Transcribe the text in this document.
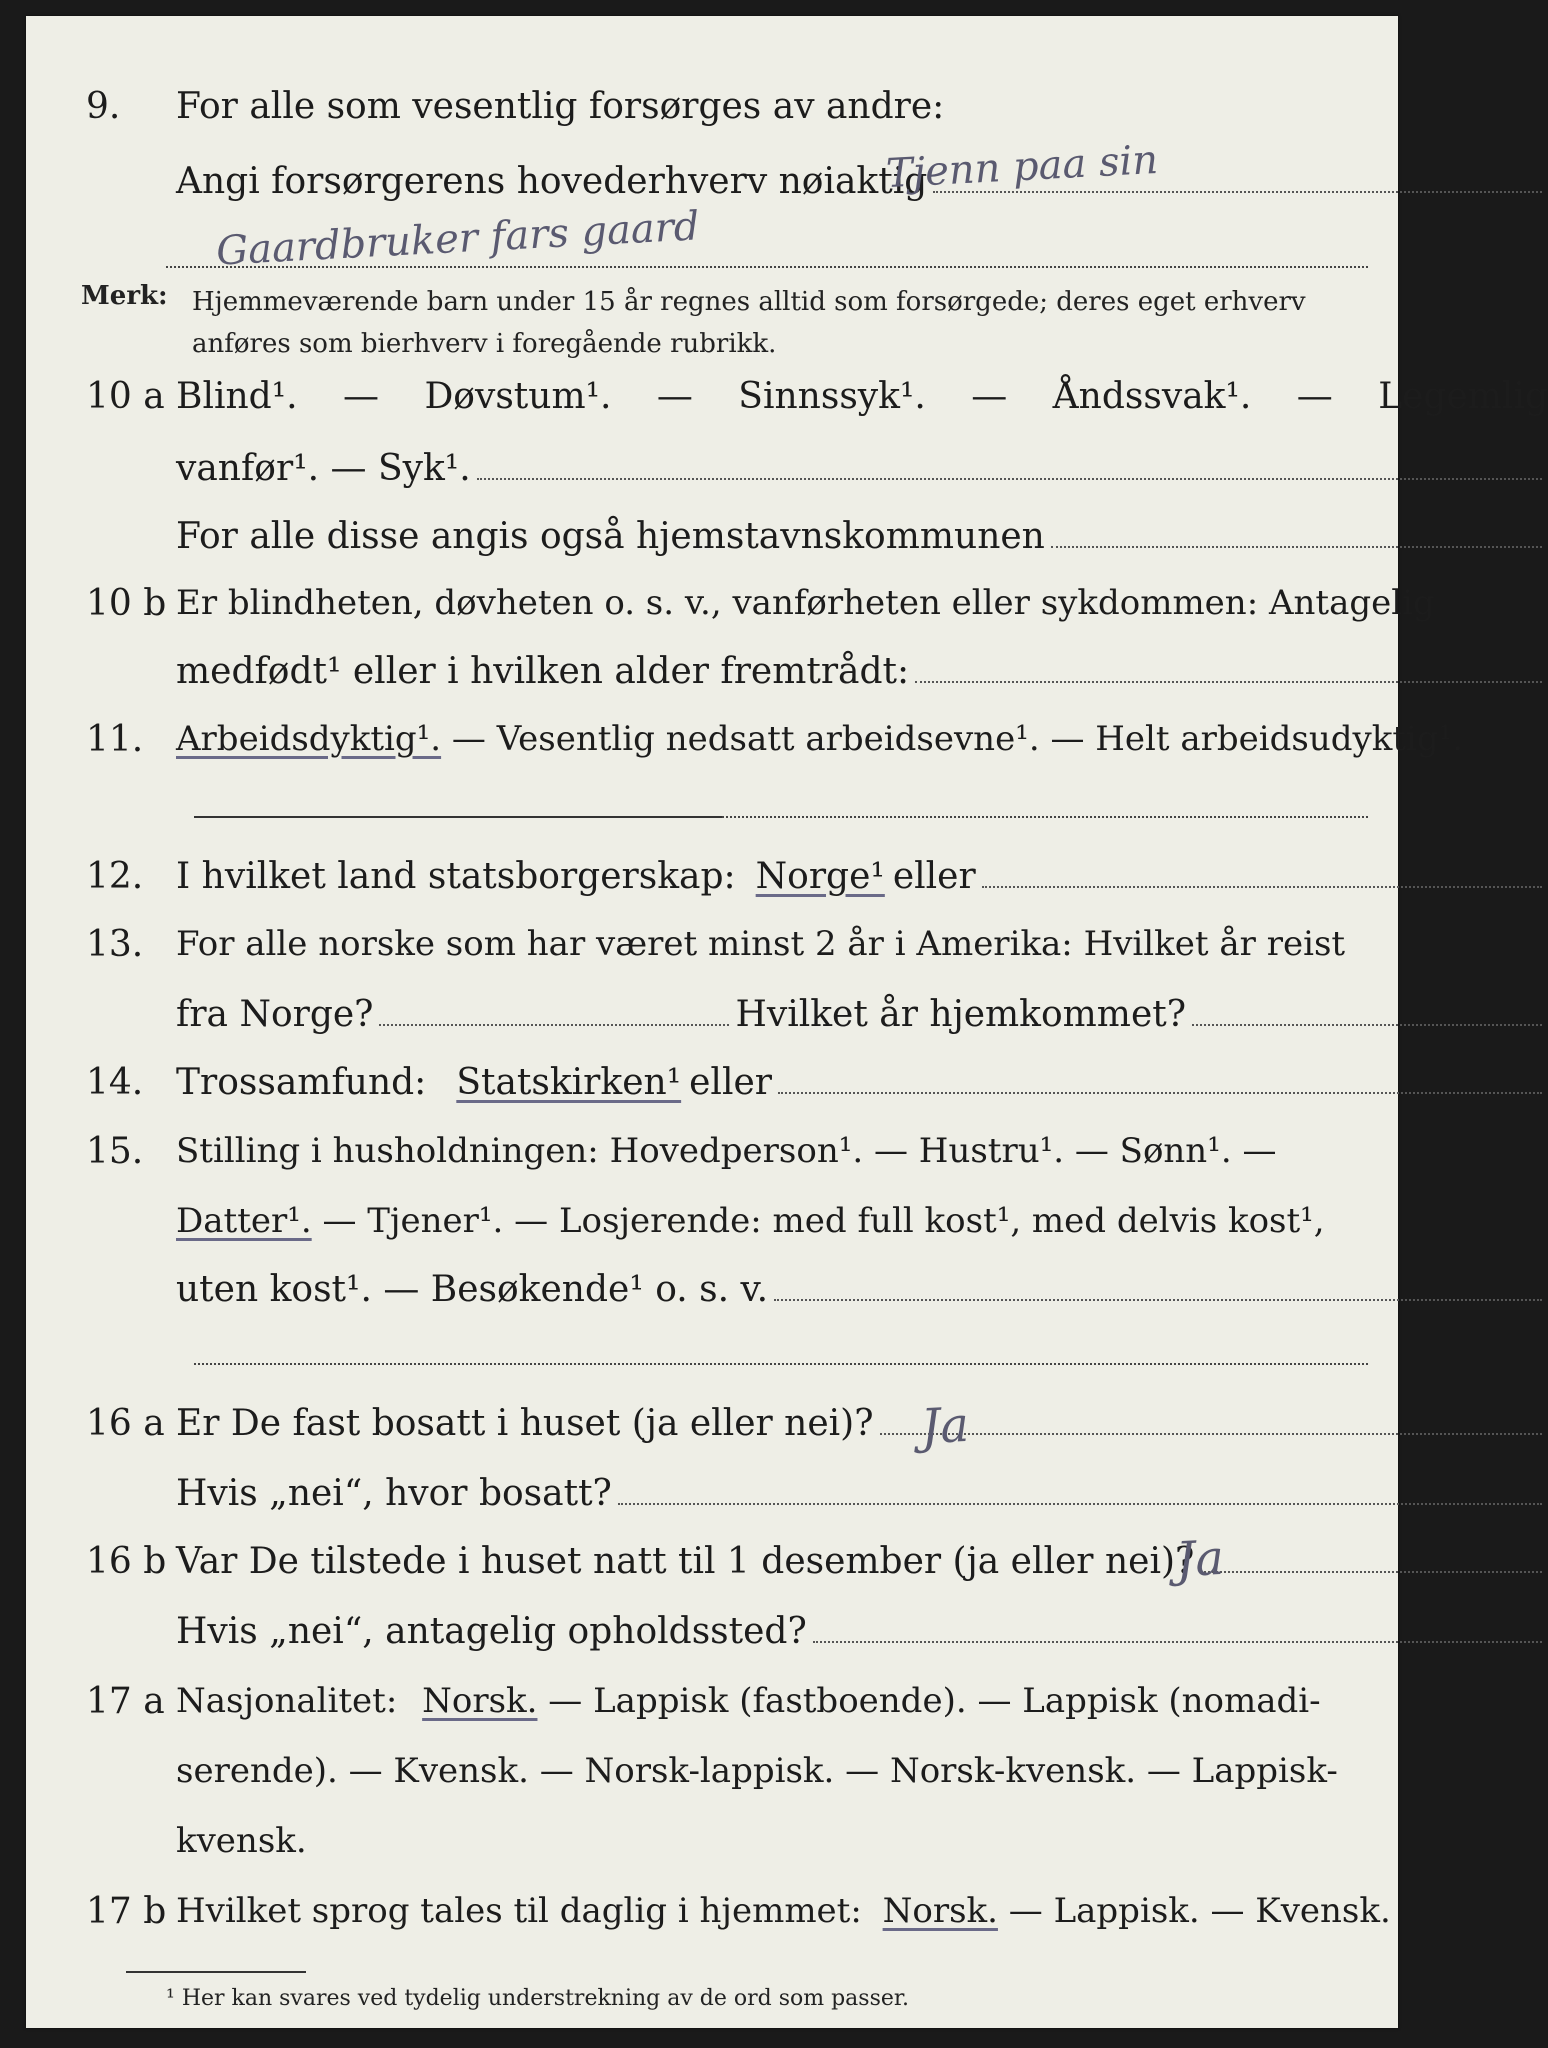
9. For alle som vesentlig forsørges av andre:
Angi forsørgerens hovederhverv nøiaktig
Tjenn paa sin
Gaardbruker fars gaard
Merk: Hjemmeværende barn under 15 år regnes alltid som forsørgede; deres eget erhverv anføres som bierhverv i foregående rubrikk.
10 a Blind¹. — Døvstum¹. — Sinnssyk¹. — Åndssvak¹. — Legemlig
vanfør¹. — Syk¹.
For alle disse angis også hjemstavnskommunen
10 b Er blindheten, døvheten o. s. v., vanførheten eller sykdommen: Antagelig
medfødt¹ eller i hvilken alder fremtrådt:
11. Arbeidsdyktig¹. — Vesentlig nedsatt arbeidsevne¹. — Helt arbeidsudyktig¹.
12. I hvilket land statsborgerskap: Norge¹ eller
13. For alle norske som har været minst 2 år i Amerika: Hvilket år reist
fra Norge?	Hvilket år hjemkommet?
14. Trossamfund: Statskirken¹ eller
15. Stilling i husholdningen: Hovedperson¹. — Hustru¹. — Sønn¹. —
Datter¹. — Tjener¹. — Losjerende: med full kost¹, med delvis kost¹,
uten kost¹. — Besøkende¹ o. s. v.
16 a Er De fast bosatt i huset (ja eller nei)? Ja
Hvis „nei“, hvor bosatt?
16 b Var De tilstede i huset natt til 1 desember (ja eller nei)?
Ja
Hvis „nei“, antagelig opholdssted?
17 a Nasjonalitet: Norsk. — Lappisk (fastboende). — Lappisk (nomadi-
serende). — Kvensk. — Norsk-lappisk. — Norsk-kvensk. — Lappisk-
kvensk.
17 b Hvilket sprog tales til daglig i hjemmet: Norsk. — Lappisk. — Kvensk.
¹ Her kan svares ved tydelig understrekning av de ord som passer.
